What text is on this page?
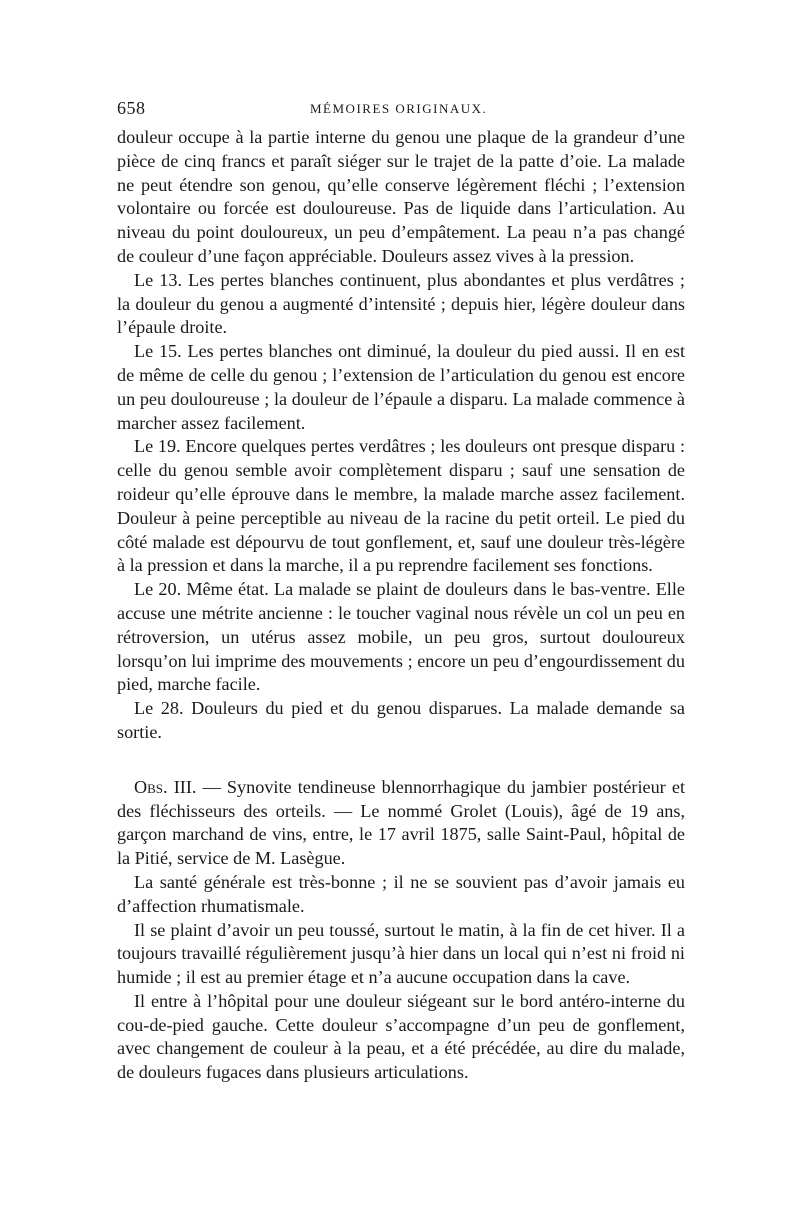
658	MÉMOIRES ORIGINAUX.

douleur occupe à la partie interne du genou une plaque de la grandeur d’une pièce de cinq francs et paraît siéger sur le trajet de la patte d’oie. La malade ne peut étendre son genou, qu’elle conserve légèrement fléchi ; l’extension volontaire ou forcée est douloureuse. Pas de liquide dans l’articulation. Au niveau du point douloureux, un peu d’empâtement. La peau n’a pas changé de couleur d’une façon appréciable. Douleurs assez vives à la pression.

Le 13. Les pertes blanches continuent, plus abondantes et plus verdâtres ; la douleur du genou a augmenté d’intensité ; depuis hier, légère douleur dans l’épaule droite.

Le 15. Les pertes blanches ont diminué, la douleur du pied aussi. Il en est de même de celle du genou ; l’extension de l’articulation du genou est encore un peu douloureuse ; la douleur de l’épaule a disparu. La malade commence à marcher assez facilement.

Le 19. Encore quelques pertes verdâtres ; les douleurs ont presque disparu : celle du genou semble avoir complètement disparu ; sauf une sensation de roideur qu’elle éprouve dans le membre, la malade marche assez facilement. Douleur à peine perceptible au niveau de la racine du petit orteil. Le pied du côté malade est dépourvu de tout gonflement, et, sauf une douleur très-légère à la pression et dans la marche, il a pu reprendre facilement ses fonctions.

Le 20. Même état. La malade se plaint de douleurs dans le bas-ventre. Elle accuse une métrite ancienne : le toucher vaginal nous révèle un col un peu en rétroversion, un utérus assez mobile, un peu gros, surtout douloureux lorsqu’on lui imprime des mouvements ; encore un peu d’engourdissement du pied, marche facile.

Le 28. Douleurs du pied et du genou disparues. La malade demande sa sortie.

Obs. III. — Synovite tendineuse blennorrhagique du jambier postérieur et des fléchisseurs des orteils. — Le nommé Grolet (Louis), âgé de 19 ans, garçon marchand de vins, entre, le 17 avril 1875, salle Saint-Paul, hôpital de la Pitié, service de M. Lasègue.

La santé générale est très-bonne ; il ne se souvient pas d’avoir jamais eu d’affection rhumatismale.

Il se plaint d’avoir un peu toussé, surtout le matin, à la fin de cet hiver. Il a toujours travaillé régulièrement jusqu’à hier dans un local qui n’est ni froid ni humide ; il est au premier étage et n’a aucune occupation dans la cave.

Il entre à l’hôpital pour une douleur siégeant sur le bord antéro-interne du cou-de-pied gauche. Cette douleur s’accompagne d’un peu de gonflement, avec changement de couleur à la peau, et a été précédée, au dire du malade, de douleurs fugaces dans plusieurs articulations.
